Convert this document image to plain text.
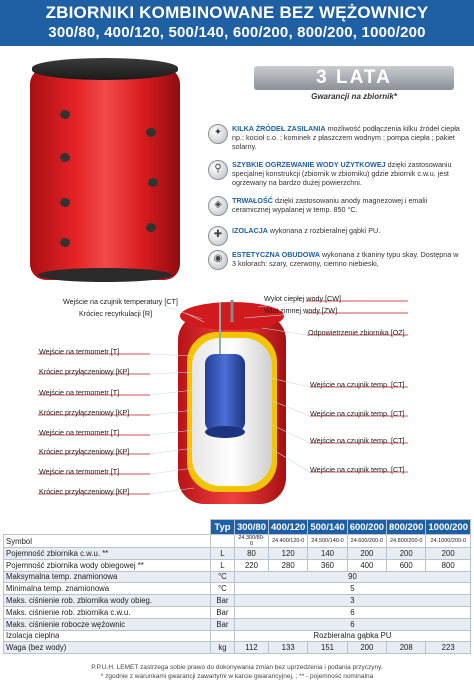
ZBIORNIKI KOMBINOWANE BEZ WĘŻOWNICY
300/80, 400/120, 500/140, 600/200, 800/200, 1000/200
3 LATA
Gwarancji na zbiornik*
✦	KILKA ŹRÓDEŁ ZASILANIA możliwość podłączenia kilku źródeł ciepła np.: kocioł c.o. ; kominek z płaszczem wodnym ; pompa ciepła ; pakiet solarny.
⚲	SZYBKIE OGRZEWANIE WODY UŻYTKOWEJ dzięki zastosowaniu specjalnej konstrukcji (zbiornik w zbiorniku) gdzie zbiornik c.w.u. jest ogrzewany na bardzo dużej powierzchni.
◈	TRWAŁOŚĆ dzięki zastosowaniu anody magnezowej i emalii ceramicznej wypalanej w temp. 850 °C.
✚	IZOLACJA wykonana z rozbieralnej gąbki PU.
◉	ESTETYCZNA OBUDOWA wykonana z tkaniny typu skay. Dostępna w 3 kolorach: szary, czerwony, ciemno niebieski,
Wejście na czujnik temperatury [CT]
Króciec recyrkulacji [R]
Wejście na termometr [T]
Króciec przyłączeniowy [KP]
Wejście na termometr [T]
Króciec przyłączeniowy [KP]
Wejście na termometr [T]
Króciec przyłączeniowy [KP]
Wejście na termometr [T]
Króciec przyłączeniowy [KP]
Wylot ciepłej wody [CW]
Wlot zimnej wody [ZW]
Odpowietrzenie zbiornika [OZ]
Wejście na czujnik temp. [CT]
Wejście na czujnik temp. [CT]
Wejście na czujnik temp. [CT]
Wejście na czujnik temp. [CT]
	Typ	300/80	400/120	500/140	600/200	800/200	1000/200
Symbol		24.300/80-0	24.400/120-0	24.500/140-0	24.600/200-0	24.800/200-0	24.1000/200-0
Pojemność zbiornika c.w.u. **	L	80	120	140	200	200	200
Pojemność zbiornika wody obiegowej **	L	220	280	360	400	600	800
Maksymalna temp. znamionowa	°C	90					
Minimalna temp. znamionowa	°C	5					
Maks. ciśnienie rob. zbiornika wody obieg.	Bar	3					
Maks. ciśnienie rob. zbiornika c.w.u.	Bar	6					
Maks. ciśnienie robocze wężownic	Bar	6					
Izolacja cieplna		Rozbieralna gąbka PU					
Waga (bez wody)	kg	112	133	151	200	208	223
P.P.U.H. LEMET zastrzega sobie prawo do dokonywania zmian bez uprzedzenia i podania przyczyny.
* zgodnie z warunkami gwarancji zawartymi w karcie gwarancyjnej, ; ** - pojemność nominalna
